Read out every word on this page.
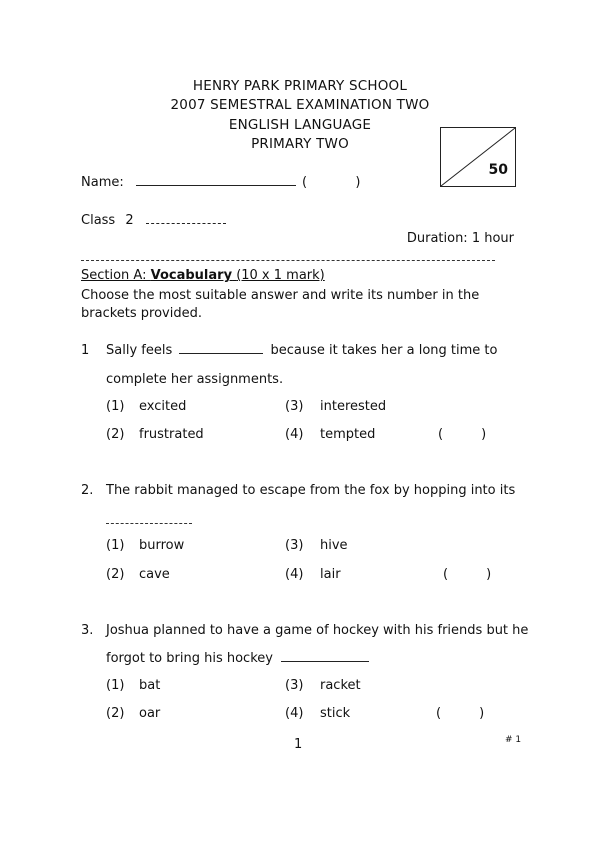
HENRY PARK PRIMARY SCHOOL
2007 SEMESTRAL EXAMINATION TWO
ENGLISH LANGUAGE
PRIMARY TWO
50
Name:	(	)
Class 2
Duration: 1 hour
Section A: Vocabulary (10 x 1 mark)
Choose the most suitable answer and write its number in the
brackets provided.
1 Sally feels	because it takes her a long time to
complete her assignments.
(1) excited	(3) interested
(2) frustrated	(4) tempted	(	)
2. The rabbit managed to escape from the fox by hopping into its
(1) burrow	(3) hive
(2) cave	(4) lair	(	)
3. Joshua planned to have a game of hockey with his friends but he
forgot to bring his hockey
(1) bat	(3) racket
(2) oar	(4) stick	(	)
1	# 1
